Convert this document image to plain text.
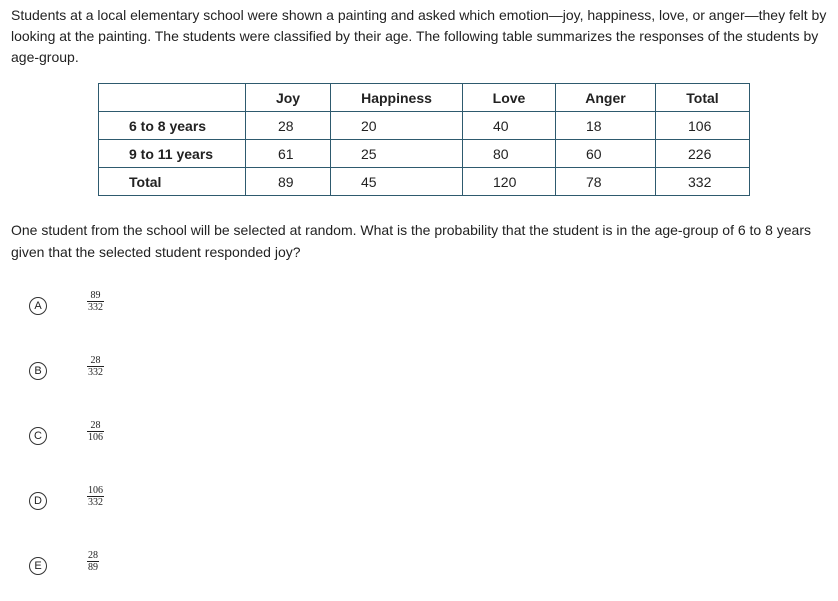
Students at a local elementary school were shown a painting and asked which emotion—joy, happiness, love, or anger—they felt by looking at the painting. The students were classified by their age. The following table summarizes the responses of the students by age-group.

	Joy	Happiness	Love	Anger	Total
6 to 8 years	28	20	40	18	106
9 to 11 years	61	25	80	60	226
Total	89	45	120	78	332

One student from the school will be selected at random. What is the probability that the student is in the age-group of 6 to 8 years given that the selected student responded joy?

A
89
332
B
28
332
C
28
106
D
106
332
E
28
89
